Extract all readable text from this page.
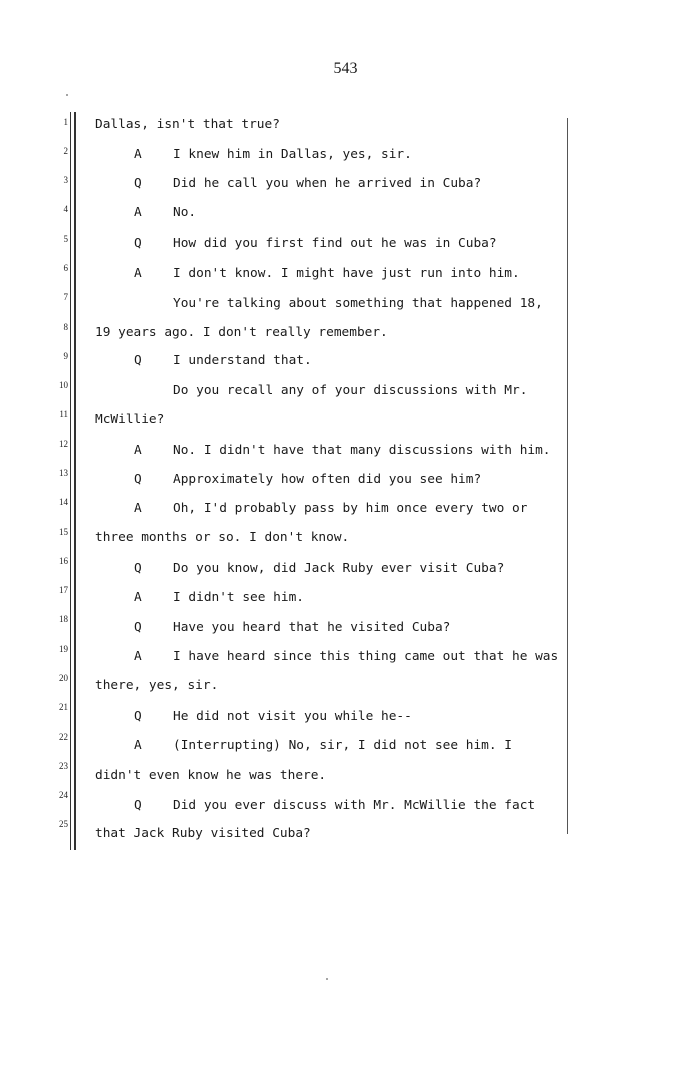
543
1
2
3
4
5
6
7
8
9
10
11
12
13
14
15
16
17
18
19
20
21
22
23
24
25
Dallas, isn't that true?
A I knew him in Dallas, yes, sir.
Q Did he call you when he arrived in Cuba?
A No.
Q How did you first find out he was in Cuba?
A I don't know. I might have just run into him.
You're talking about something that happened 18,
19 years ago. I don't really remember.
Q I understand that.
Do you recall any of your discussions with Mr.
McWillie?
A No. I didn't have that many discussions with him.
Q Approximately how often did you see him?
A Oh, I'd probably pass by him once every two or
three months or so. I don't know.
Q Do you know, did Jack Ruby ever visit Cuba?
A I didn't see him.
Q Have you heard that he visited Cuba?
A I have heard since this thing came out that he was
there, yes, sir.
Q He did not visit you while he--
A (Interrupting) No, sir, I did not see him. I
didn't even know he was there.
Q Did you ever discuss with Mr. McWillie the fact
that Jack Ruby visited Cuba?
